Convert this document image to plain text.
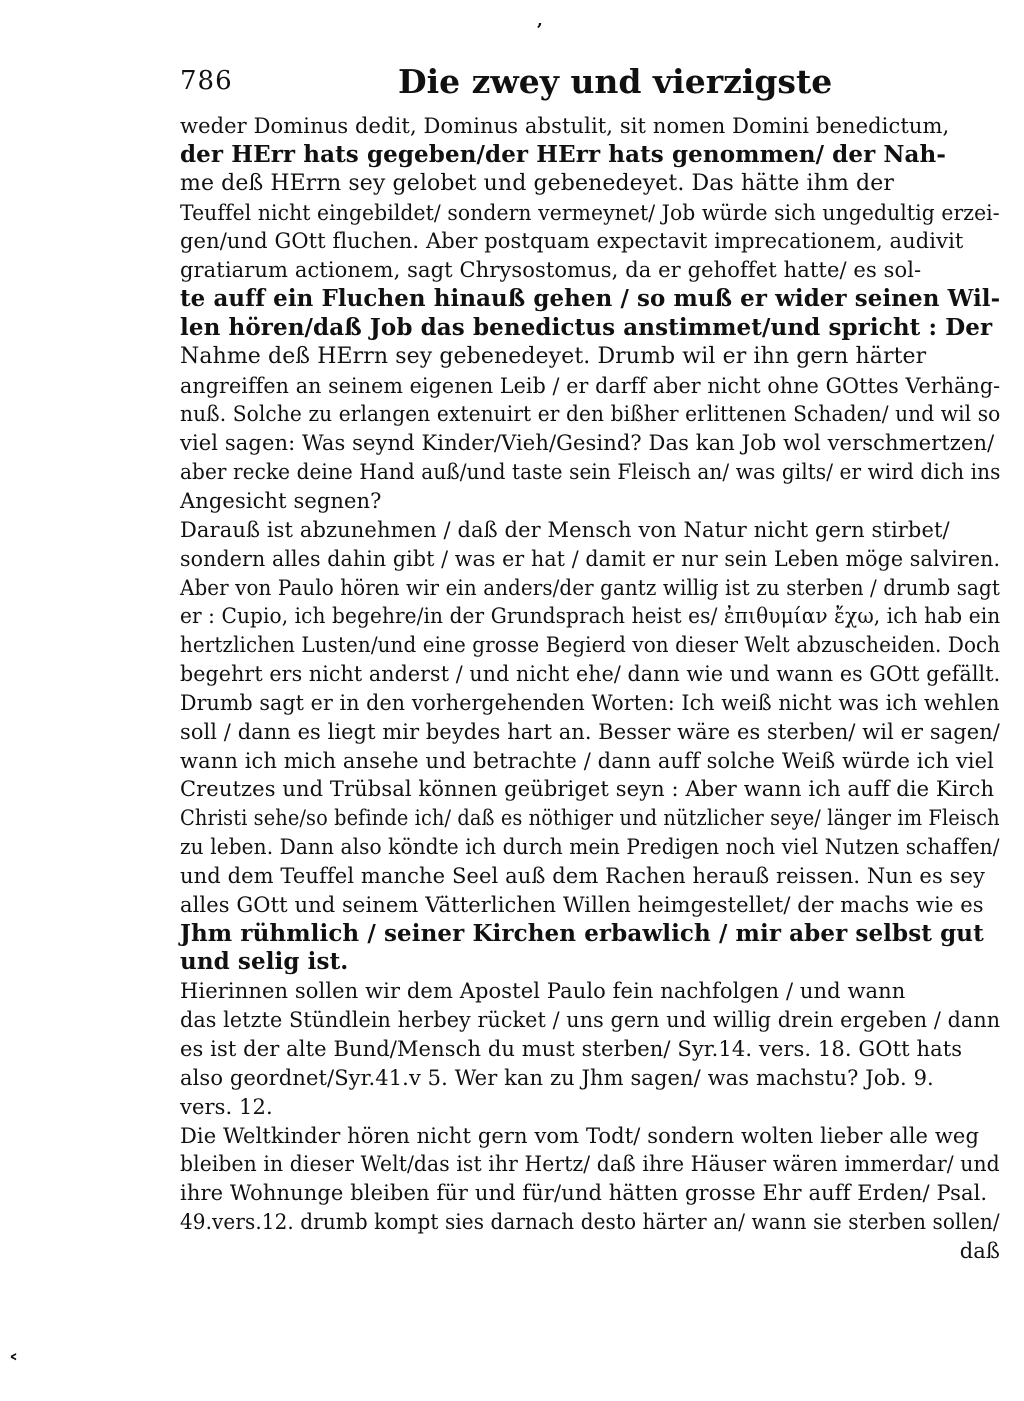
ʼ
786	Die zwey und vierzigste
weder Dominus dedit, Dominus abstulit, sit nomen Domini benedictum,
der HErr hats gegeben/der HErr hats genommen/ der Nah-
me deß HErrn sey gelobet und gebenedeyet. Das hätte ihm der
Teuffel nicht eingebildet/ sondern vermeynet/ Job würde sich ungedultig erzei-
gen/und GOtt fluchen. Aber postquam expectavit imprecationem, audivit
gratiarum actionem, sagt Chrysostomus, da er gehoffet hatte/ es sol-
te auff ein Fluchen hinauß gehen / so muß er wider seinen Wil-
len hören/daß Job das benedictus anstimmet/und spricht : Der
Nahme deß HErrn sey gebenedeyet. Drumb wil er ihn gern härter
angreiffen an seinem eigenen Leib / er darff aber nicht ohne GOttes Verhäng-
nuß. Solche zu erlangen extenuirt er den bißher erlittenen Schaden/ und wil so
viel sagen: Was seynd Kinder/Vieh/Gesind? Das kan Job wol verschmertzen/
aber recke deine Hand auß/und taste sein Fleisch an/ was gilts/ er wird dich ins
Angesicht segnen?
Darauß ist abzunehmen / daß der Mensch von Natur nicht gern stirbet/
sondern alles dahin gibt / was er hat / damit er nur sein Leben möge salviren.
Aber von Paulo hören wir ein anders/der gantz willig ist zu sterben / drumb sagt
er : Cupio, ich begehre/in der Grundsprach heist es/ ἐπιθυμίαν ἔχω, ich hab ein
hertzlichen Lusten/und eine grosse Begierd von dieser Welt abzuscheiden. Doch
begehrt ers nicht anderst / und nicht ehe/ dann wie und wann es GOtt gefällt.
Drumb sagt er in den vorhergehenden Worten: Ich weiß nicht was ich wehlen
soll / dann es liegt mir beydes hart an. Besser wäre es sterben/ wil er sagen/
wann ich mich ansehe und betrachte / dann auff solche Weiß würde ich viel
Creutzes und Trübsal können geübriget seyn : Aber wann ich auff die Kirch
Christi sehe/so befinde ich/ daß es nöthiger und nützlicher seye/ länger im Fleisch
zu leben. Dann also köndte ich durch mein Predigen noch viel Nutzen schaffen/
und dem Teuffel manche Seel auß dem Rachen herauß reissen. Nun es sey
alles GOtt und seinem Vätterlichen Willen heimgestellet/ der machs wie es
Jhm rühmlich / seiner Kirchen erbawlich / mir aber selbst gut
und selig ist.
Hierinnen sollen wir dem Apostel Paulo fein nachfolgen / und wann
das letzte Stündlein herbey rücket / uns gern und willig drein ergeben / dann
es ist der alte Bund/Mensch du must sterben/ Syr.14. vers. 18. GOtt hats
also geordnet/Syr.41.v 5. Wer kan zu Jhm sagen/ was machstu? Job. 9.
vers. 12.
Die Weltkinder hören nicht gern vom Todt/ sondern wolten lieber alle weg
bleiben in dieser Welt/das ist ihr Hertz/ daß ihre Häuser wären immerdar/ und
ihre Wohnunge bleiben für und für/und hätten grosse Ehr auff Erden/ Psal.
49.vers.12. drumb kompt sies darnach desto härter an/ wann sie sterben sollen/
daß
˂
